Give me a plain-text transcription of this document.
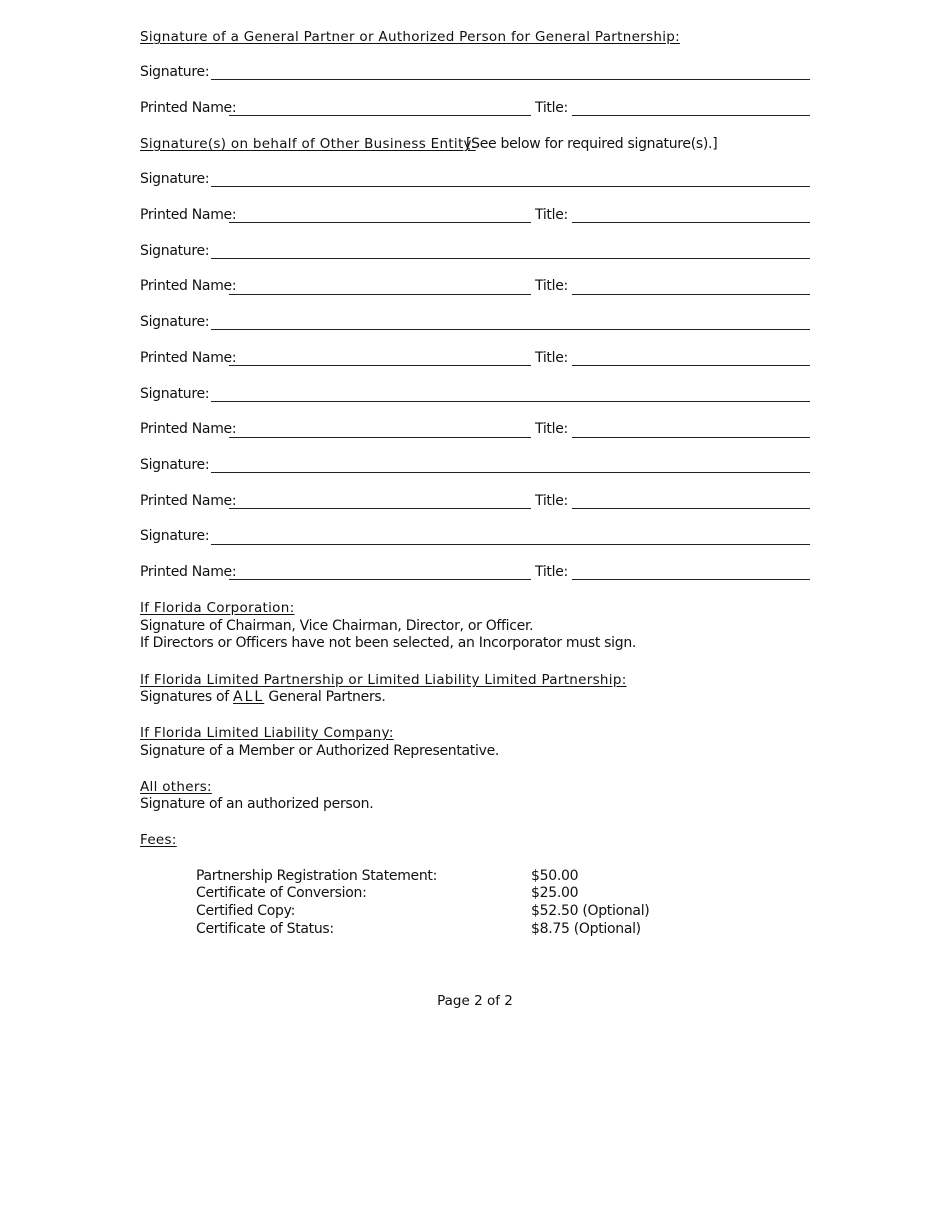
Signature of a General Partner or Authorized Person for General Partnership:
Signature:
Printed Name:	Title:
Signature(s) on behalf of Other Business Entity:
[See below for required signature(s).]
Signature:
Printed Name:	Title:
Signature:
Printed Name:	Title:
Signature:
Printed Name:	Title:
Signature:
Printed Name:	Title:
Signature:
Printed Name:	Title:
Signature:
Printed Name:	Title:
If Florida Corporation:
Signature of Chairman, Vice Chairman, Director, or Officer.
If Directors or Officers have not been selected, an Incorporator must sign.
If Florida Limited Partnership or Limited Liability Limited Partnership:
Signatures of ALL General Partners.
If Florida Limited Liability Company:
Signature of a Member or Authorized Representative.
All others:
Signature of an authorized person.
Fees:
Partnership Registration Statement:	$50.00
Certificate of Conversion:	$25.00
Certified Copy:	$52.50 (Optional)
Certificate of Status:	$8.75 (Optional)
Page 2 of 2
